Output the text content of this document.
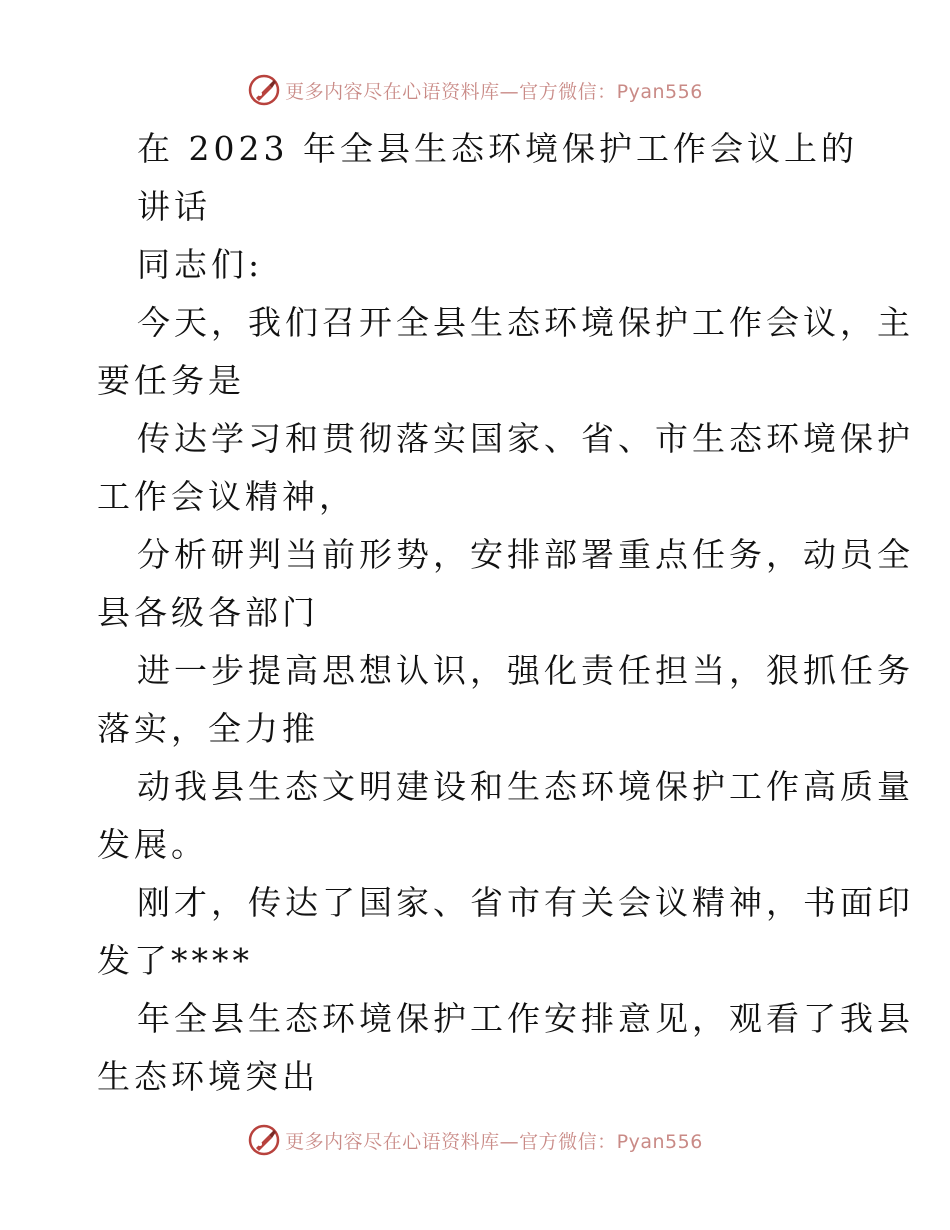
更多内容尽在心语资料库—官方微信：Pyan556
在 2023 年全县生态环境保护工作会议上的
讲话
同志们:
今天，我们召开全县生态环境保护工作会议，主
要任务是
传达学习和贯彻落实国家、省、市生态环境保护
工作会议精神，
分析研判当前形势，安排部署重点任务，动员全
县各级各部门
进一步提高思想认识，强化责任担当，狠抓任务
落实，全力推
动我县生态文明建设和生态环境保护工作高质量
发展。
刚才，传达了国家、省市有关会议精神，书面印
发了****
年全县生态环境保护工作安排意见，观看了我县
生态环境突出
更多内容尽在心语资料库—官方微信：Pyan556
